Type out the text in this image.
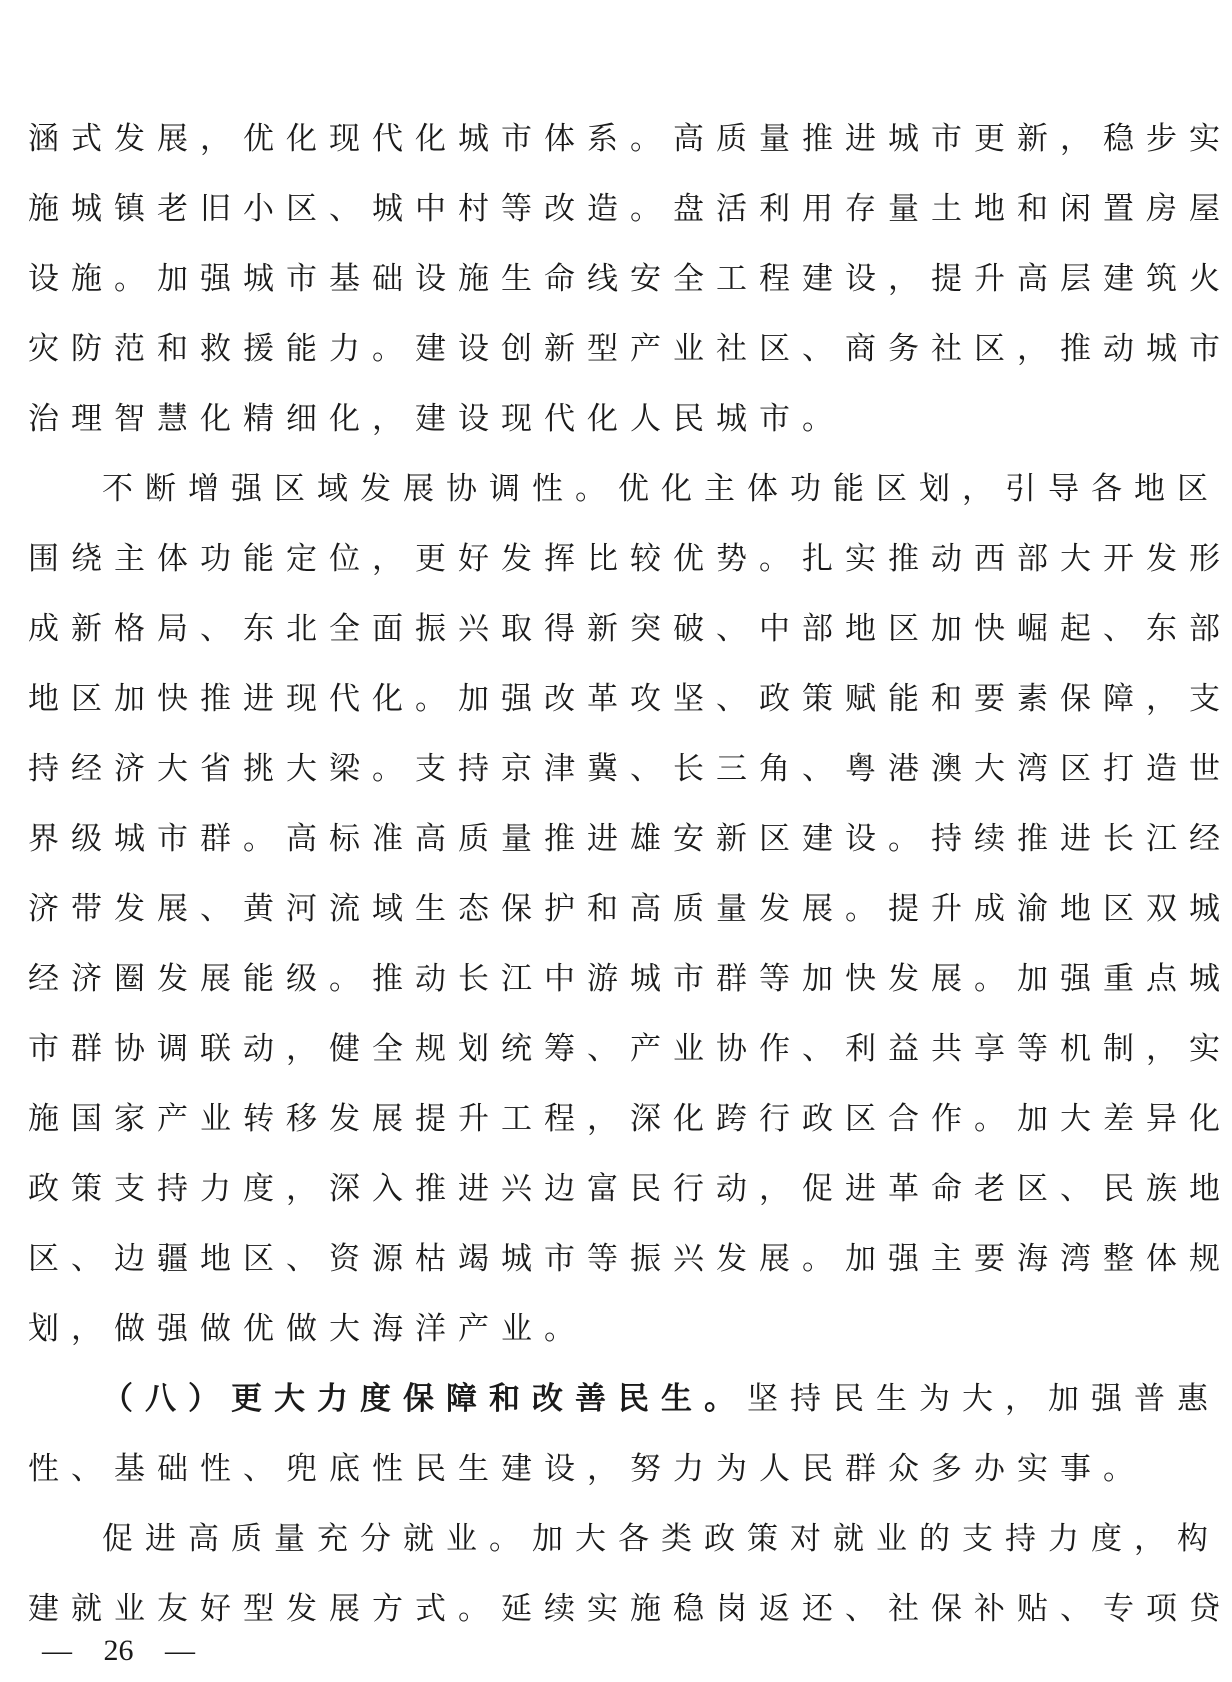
涵式发展，优化现代化城市体系。高质量推进城市更新，稳步实
施城镇老旧小区、城中村等改造。盘活利用存量土地和闲置房屋
设施。加强城市基础设施生命线安全工程建设，提升高层建筑火
灾防范和救援能力。建设创新型产业社区、商务社区，推动城市
治理智慧化精细化，建设现代化人民城市。
不断增强区域发展协调性。优化主体功能区划，引导各地区
围绕主体功能定位，更好发挥比较优势。扎实推动西部大开发形
成新格局、东北全面振兴取得新突破、中部地区加快崛起、东部
地区加快推进现代化。加强改革攻坚、政策赋能和要素保障，支
持经济大省挑大梁。支持京津冀、长三角、粤港澳大湾区打造世
界级城市群。高标准高质量推进雄安新区建设。持续推进长江经
济带发展、黄河流域生态保护和高质量发展。提升成渝地区双城
经济圈发展能级。推动长江中游城市群等加快发展。加强重点城
市群协调联动，健全规划统筹、产业协作、利益共享等机制，实
施国家产业转移发展提升工程，深化跨行政区合作。加大差异化
政策支持力度，深入推进兴边富民行动，促进革命老区、民族地
区、边疆地区、资源枯竭城市等振兴发展。加强主要海湾整体规
划，做强做优做大海洋产业。
（八）更大力度保障和改善民生。坚持民生为大，加强普惠
性、基础性、兜底性民生建设，努力为人民群众多办实事。
促进高质量充分就业。加大各类政策对就业的支持力度，构
建就业友好型发展方式。延续实施稳岗返还、社保补贴、专项贷
— 26 —
